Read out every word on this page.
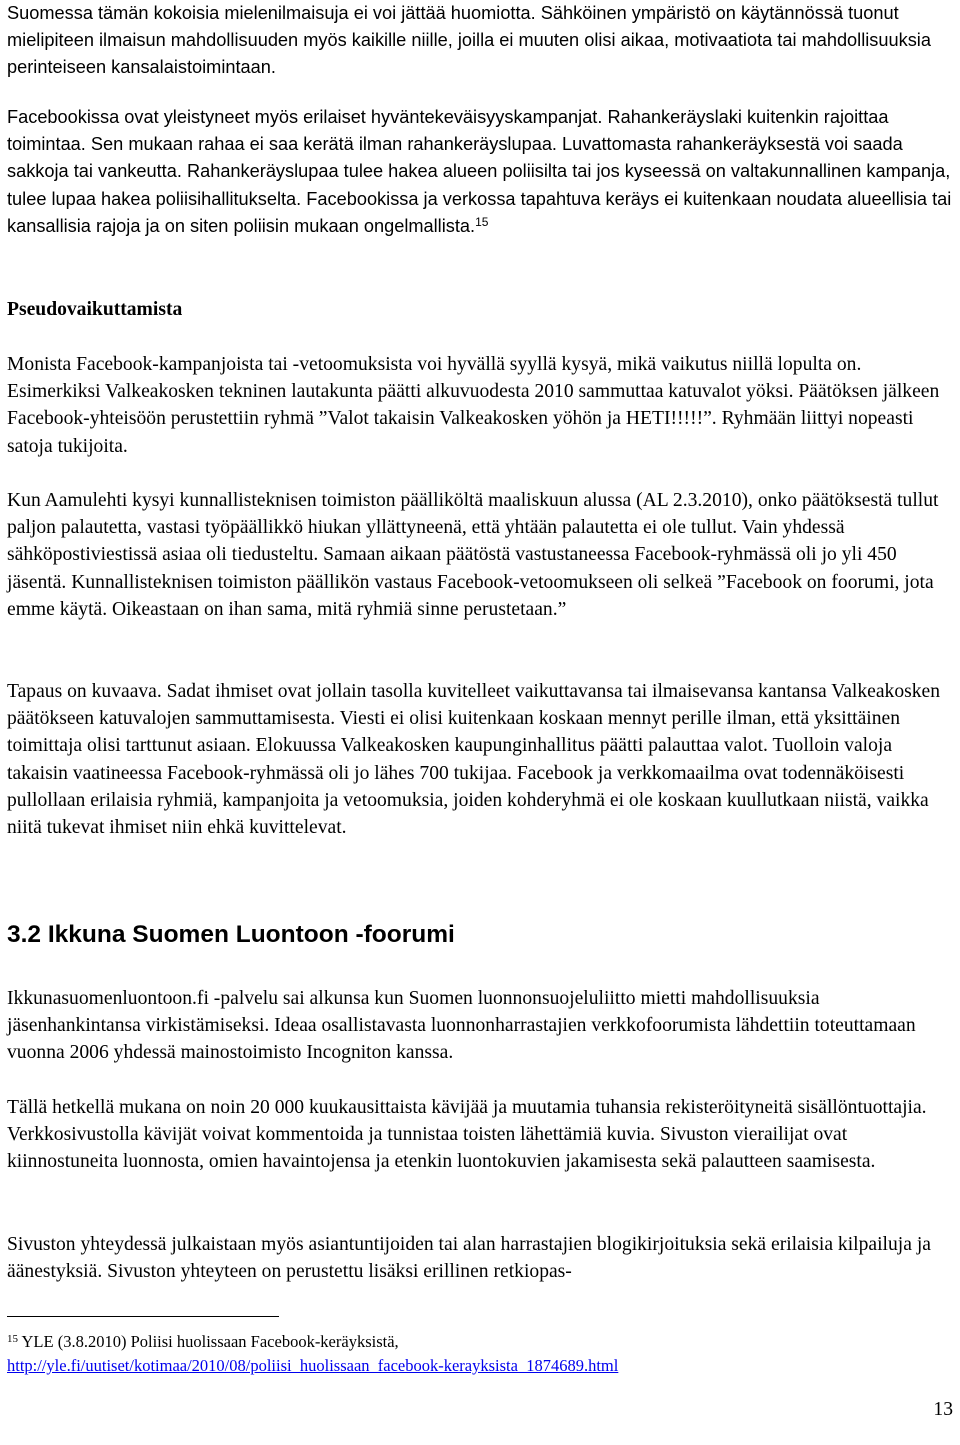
Suomessa tämän kokoisia mielenilmaisuja ei voi jättää huomiotta. Sähköinen ympäristö on käytännössä tuonut mielipiteen ilmaisun mahdollisuuden myös kaikille niille, joilla ei muuten olisi aikaa, motivaatiota tai mahdollisuuksia perinteiseen kansalaistoimintaan.

Facebookissa ovat yleistyneet myös erilaiset hyväntekeväisyyskampanjat. Rahankeräyslaki kuitenkin rajoittaa toimintaa. Sen mukaan rahaa ei saa kerätä ilman rahankeräyslupaa. Luvattomasta rahankeräyksestä voi saada sakkoja tai vankeutta. Rahankeräyslupaa tulee hakea alueen poliisilta tai jos kyseessä on valtakunnallinen kampanja, tulee lupaa hakea poliisihallitukselta. Facebookissa ja verkossa tapahtuva keräys ei kuitenkaan noudata alueellisia tai kansallisia rajoja ja on siten poliisin mukaan ongelmallista.$^{15}$

Pseudovaikuttamista

Monista Facebook-kampanjoista tai -vetoomuksista voi hyvällä syyllä kysyä, mikä vaikutus niillä lopulta on. Esimerkiksi Valkeakosken tekninen lautakunta päätti alkuvuodesta 2010 sammuttaa katuvalot yöksi. Päätöksen jälkeen Facebook-yhteisöön perustettiin ryhmä ”Valot takaisin Valkeakosken yöhön ja HETI!!!!!”. Ryhmään liittyi nopeasti satoja tukijoita.

Kun Aamulehti kysyi kunnallisteknisen toimiston päälliköltä maaliskuun alussa (AL 2.3.2010), onko päätöksestä tullut paljon palautetta, vastasi työpäällikkö hiukan yllättyneenä, että yhtään palautetta ei ole tullut. Vain yhdessä sähköpostiviestissä asiaa oli tiedusteltu. Samaan aikaan päätöstä vastustaneessa Facebook-ryhmässä oli jo yli 450 jäsentä. Kunnallisteknisen toimiston päällikön vastaus Facebook-vetoomukseen oli selkeä ”Facebook on foorumi, jota emme käytä. Oikeastaan on ihan sama, mitä ryhmiä sinne perustetaan.”

Tapaus on kuvaava. Sadat ihmiset ovat jollain tasolla kuvitelleet vaikuttavansa tai ilmaisevansa kantansa Valkeakosken päätökseen katuvalojen sammuttamisesta. Viesti ei olisi kuitenkaan koskaan mennyt perille ilman, että yksittäinen toimittaja olisi tarttunut asiaan. Elokuussa Valkeakosken kaupunginhallitus päätti palauttaa valot. Tuolloin valoja takaisin vaatineessa Facebook-ryhmässä oli jo lähes 700 tukijaa. Facebook ja verkkomaailma ovat todennäköisesti pullollaan erilaisia ryhmiä, kampanjoita ja vetoomuksia, joiden kohderyhmä ei ole koskaan kuullutkaan niistä, vaikka niitä tukevat ihmiset niin ehkä kuvittelevat.

3.2 Ikkuna Suomen Luontoon -foorumi

Ikkunasuomenluontoon.fi -palvelu sai alkunsa kun Suomen luonnonsuojeluliitto mietti mahdollisuuksia jäsenhankintansa virkistämiseksi. Ideaa osallistavasta luonnonharrastajien verkkofoorumista lähdettiin toteuttamaan vuonna 2006 yhdessä mainostoimisto Incogniton kanssa.

Tällä hetkellä mukana on noin 20 000 kuukausittaista kävijää ja muutamia tuhansia rekisteröityneitä sisällöntuottajia. Verkkosivustolla kävijät voivat kommentoida ja tunnistaa toisten lähettämiä kuvia. Sivuston vierailijat ovat kiinnostuneita luonnosta, omien havaintojensa ja etenkin luontokuvien jakamisesta sekä palautteen saamisesta.

Sivuston yhteydessä julkaistaan myös asiantuntijoiden tai alan harrastajien blogikirjoituksia sekä erilaisia kilpailuja ja äänestyksiä. Sivuston yhteyteen on perustettu lisäksi erillinen retkiopas-

$^{15}$ YLE (3.8.2010) Poliisi huolissaan Facebook-keräyksistä,
http://yle.fi/uutiset/kotimaa/2010/08/poliisi_huolissaan_facebook-kerayksista_1874689.html
13
